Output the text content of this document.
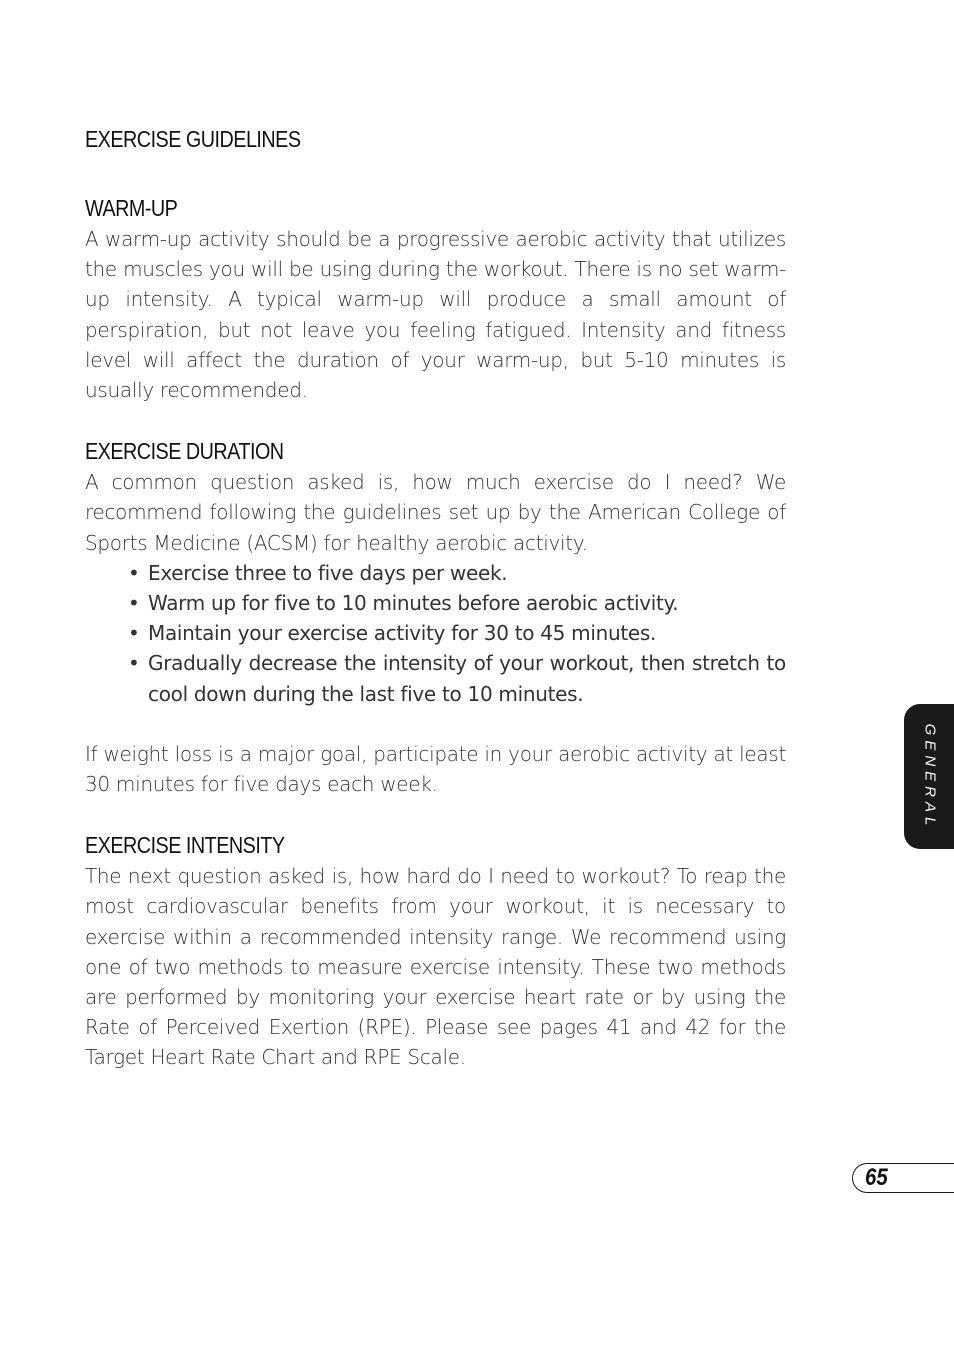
EXERCISE GUIDELINES
WARM-UP

A warm-up activity should be a progressive aerobic activity that utilizes the muscles you will be using during the workout. There is no set warm-up intensity. A typical warm-up will produce a small amount of perspiration, but not leave you feeling fatigued. Intensity and fitness level will affect the duration of your warm-up, but 5-10 minutes is usually recommended.

EXERCISE DURATION

A common question asked is, how much exercise do I need? We recommend following the guidelines set up by the American College of Sports Medicine (ACSM) for healthy aerobic activity.

• Exercise three to five days per week.
• Warm up for five to 10 minutes before aerobic activity.
• Maintain your exercise activity for 30 to 45 minutes.
• Gradually decrease the intensity of your workout, then stretch to cool down during the last five to 10 minutes.

If weight loss is a major goal, participate in your aerobic activity at least 30 minutes for five days each week.

EXERCISE INTENSITY

The next question asked is, how hard do I need to workout? To reap the most cardiovascular benefits from your workout, it is necessary to exercise within a recommended intensity range. We recommend using one of two methods to measure exercise intensity. These two methods are performed by monitoring your exercise heart rate or by using the Rate of Perceived Exertion (RPE). Please see pages 41 and 42 for the Target Heart Rate Chart and RPE Scale.

GENERAL
65
